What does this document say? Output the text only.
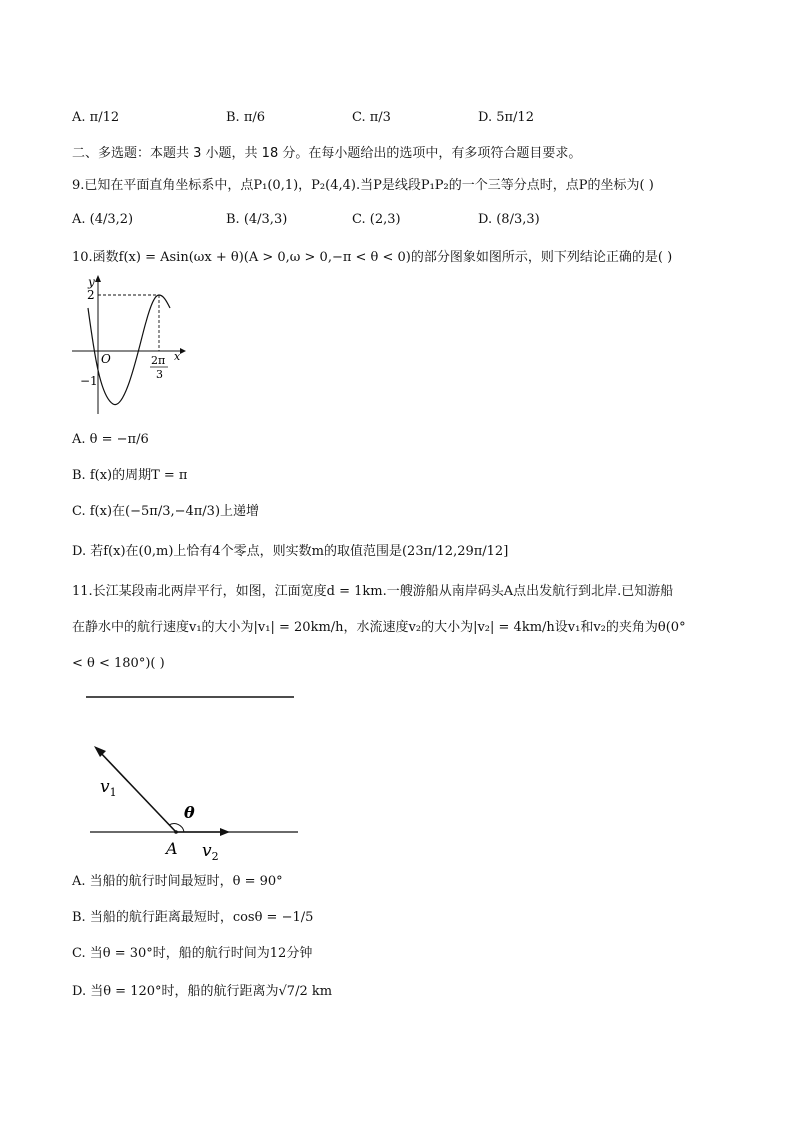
A. π/12	B. π/6	C. π/3	D. 5π/12
二、多选题：本题共 3 小题，共 18 分。在每小题给出的选项中，有多项符合题目要求。
9.已知在平面直角坐标系中，点P₁(0,1)，P₂(4,4).当P是线段P₁P₂的一个三等分点时，点P的坐标为( )
A. (4/3,2)	B. (4/3,3)	C. (2,3)	D. (8/3,3)
10.函数f(x) = Asin(ωx + θ)(A > 0,ω > 0,−π < θ < 0)的部分图象如图所示，则下列结论正确的是( )
y
x
O
2
−1
2π
3
A. θ = −π/6
B. f(x)的周期T = π
C. f(x)在(−5π/3,−4π/3)上递增
D. 若f(x)在(0,m)上恰有4个零点，则实数m的取值范围是(23π/12,29π/12]
11.长江某段南北两岸平行，如图，江面宽度d = 1km.一艘游船从南岸码头A点出发航行到北岸.已知游船
在静水中的航行速度v₁的大小为|v₁| = 20km/h，水流速度v₂的大小为|v₂| = 4km/h设v₁和v₂的夹角为θ(0°
< θ < 180°)( )
$v_1$
θ
A $v_2$
A. 当船的航行时间最短时，θ = 90°
B. 当船的航行距离最短时，cosθ = −1/5
C. 当θ = 30°时，船的航行时间为12分钟
D. 当θ = 120°时，船的航行距离为√7/2 km
